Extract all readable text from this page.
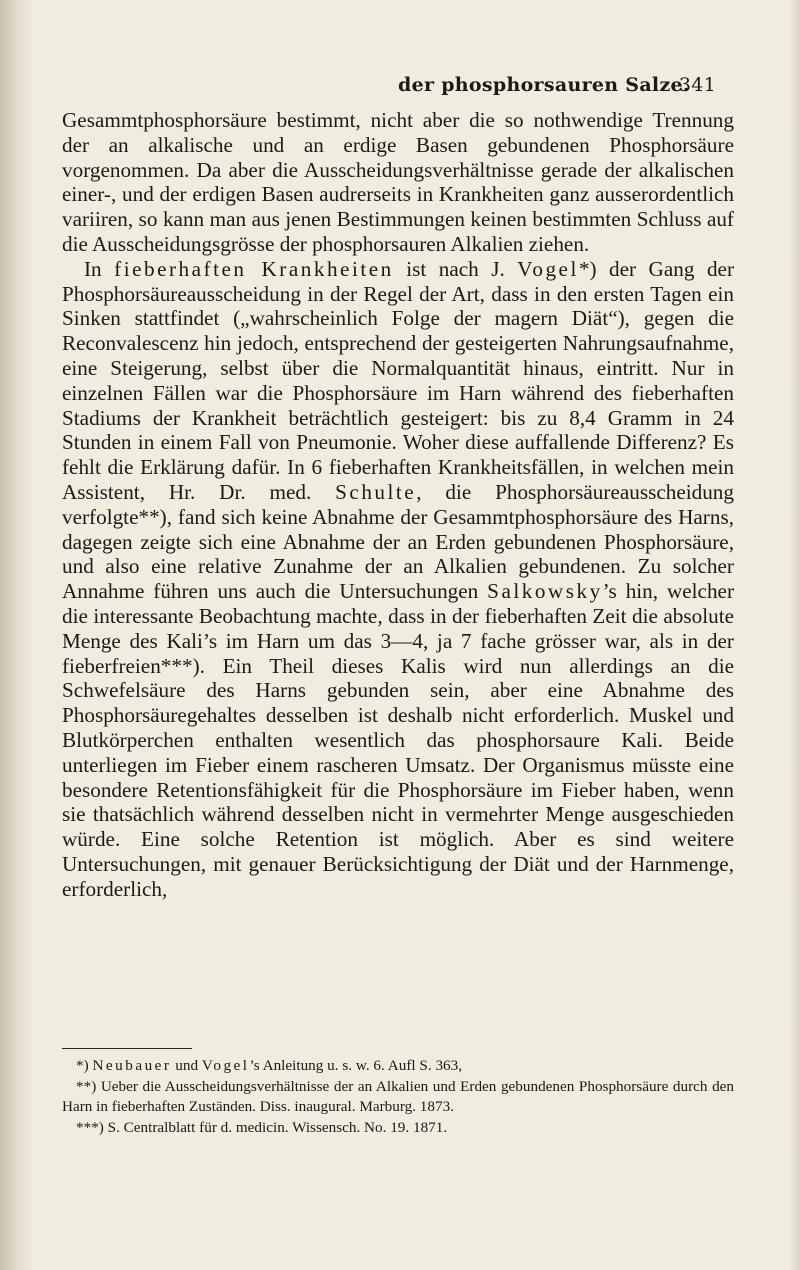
der phosphorsauren Salze.
341

Gesammtphosphorsäure bestimmt, nicht aber die so nothwendige Trennung der an alkalische und an erdige Basen gebundenen Phosphorsäure vorgenommen. Da aber die Ausscheidungsverhältnisse gerade der alkalischen einer-, und der erdigen Basen audrerseits in Krankheiten ganz ausserordentlich variiren, so kann man aus jenen Bestimmungen keinen bestimmten Schluss auf die Ausscheidungsgrösse der phosphorsauren Alkalien ziehen.

In fieberhaften Krankheiten ist nach J. Vogel*) der Gang der Phosphorsäureausscheidung in der Regel der Art, dass in den ersten Tagen ein Sinken stattfindet („wahrscheinlich Folge der magern Diät“), gegen die Reconvalescenz hin jedoch, entsprechend der gesteigerten Nahrungsaufnahme, eine Steigerung, selbst über die Normalquantität hinaus, eintritt. Nur in einzelnen Fällen war die Phosphorsäure im Harn während des fieberhaften Stadiums der Krankheit beträchtlich gesteigert: bis zu 8,4 Gramm in 24 Stunden in einem Fall von Pneumonie. Woher diese auffallende Differenz? Es fehlt die Erklärung dafür. In 6 fieberhaften Krankheitsfällen, in welchen mein Assistent, Hr. Dr. med. Schulte, die Phosphorsäureausscheidung verfolgte**), fand sich keine Abnahme der Gesammtphosphorsäure des Harns, dagegen zeigte sich eine Abnahme der an Erden gebundenen Phosphorsäure, und also eine relative Zunahme der an Alkalien gebundenen. Zu solcher Annahme führen uns auch die Untersuchungen Salkowsky’s hin, welcher die interessante Beobachtung machte, dass in der fieberhaften Zeit die absolute Menge des Kali’s im Harn um das 3—4, ja 7 fache grösser war, als in der fieberfreien***). Ein Theil dieses Kalis wird nun allerdings an die Schwefelsäure des Harns gebunden sein, aber eine Abnahme des Phosphorsäuregehaltes desselben ist deshalb nicht erforderlich. Muskel und Blutkörperchen enthalten wesentlich das phosphorsaure Kali. Beide unterliegen im Fieber einem rascheren Umsatz. Der Organismus müsste eine besondere Retentionsfähigkeit für die Phosphorsäure im Fieber haben, wenn sie thatsächlich während desselben nicht in vermehrter Menge ausgeschieden würde. Eine solche Retention ist möglich. Aber es sind weitere Untersuchungen, mit genauer Berücksichtigung der Diät und der Harnmenge, erforderlich,

*) Neubauer und Vogel’s Anleitung u. s. w. 6. Aufl S. 363,

**) Ueber die Ausscheidungsverhältnisse der an Alkalien und Erden gebundenen Phosphorsäure durch den Harn in fieberhaften Zuständen. Diss. inaugural. Marburg. 1873.

***) S. Centralblatt für d. medicin. Wissensch. No. 19. 1871.
